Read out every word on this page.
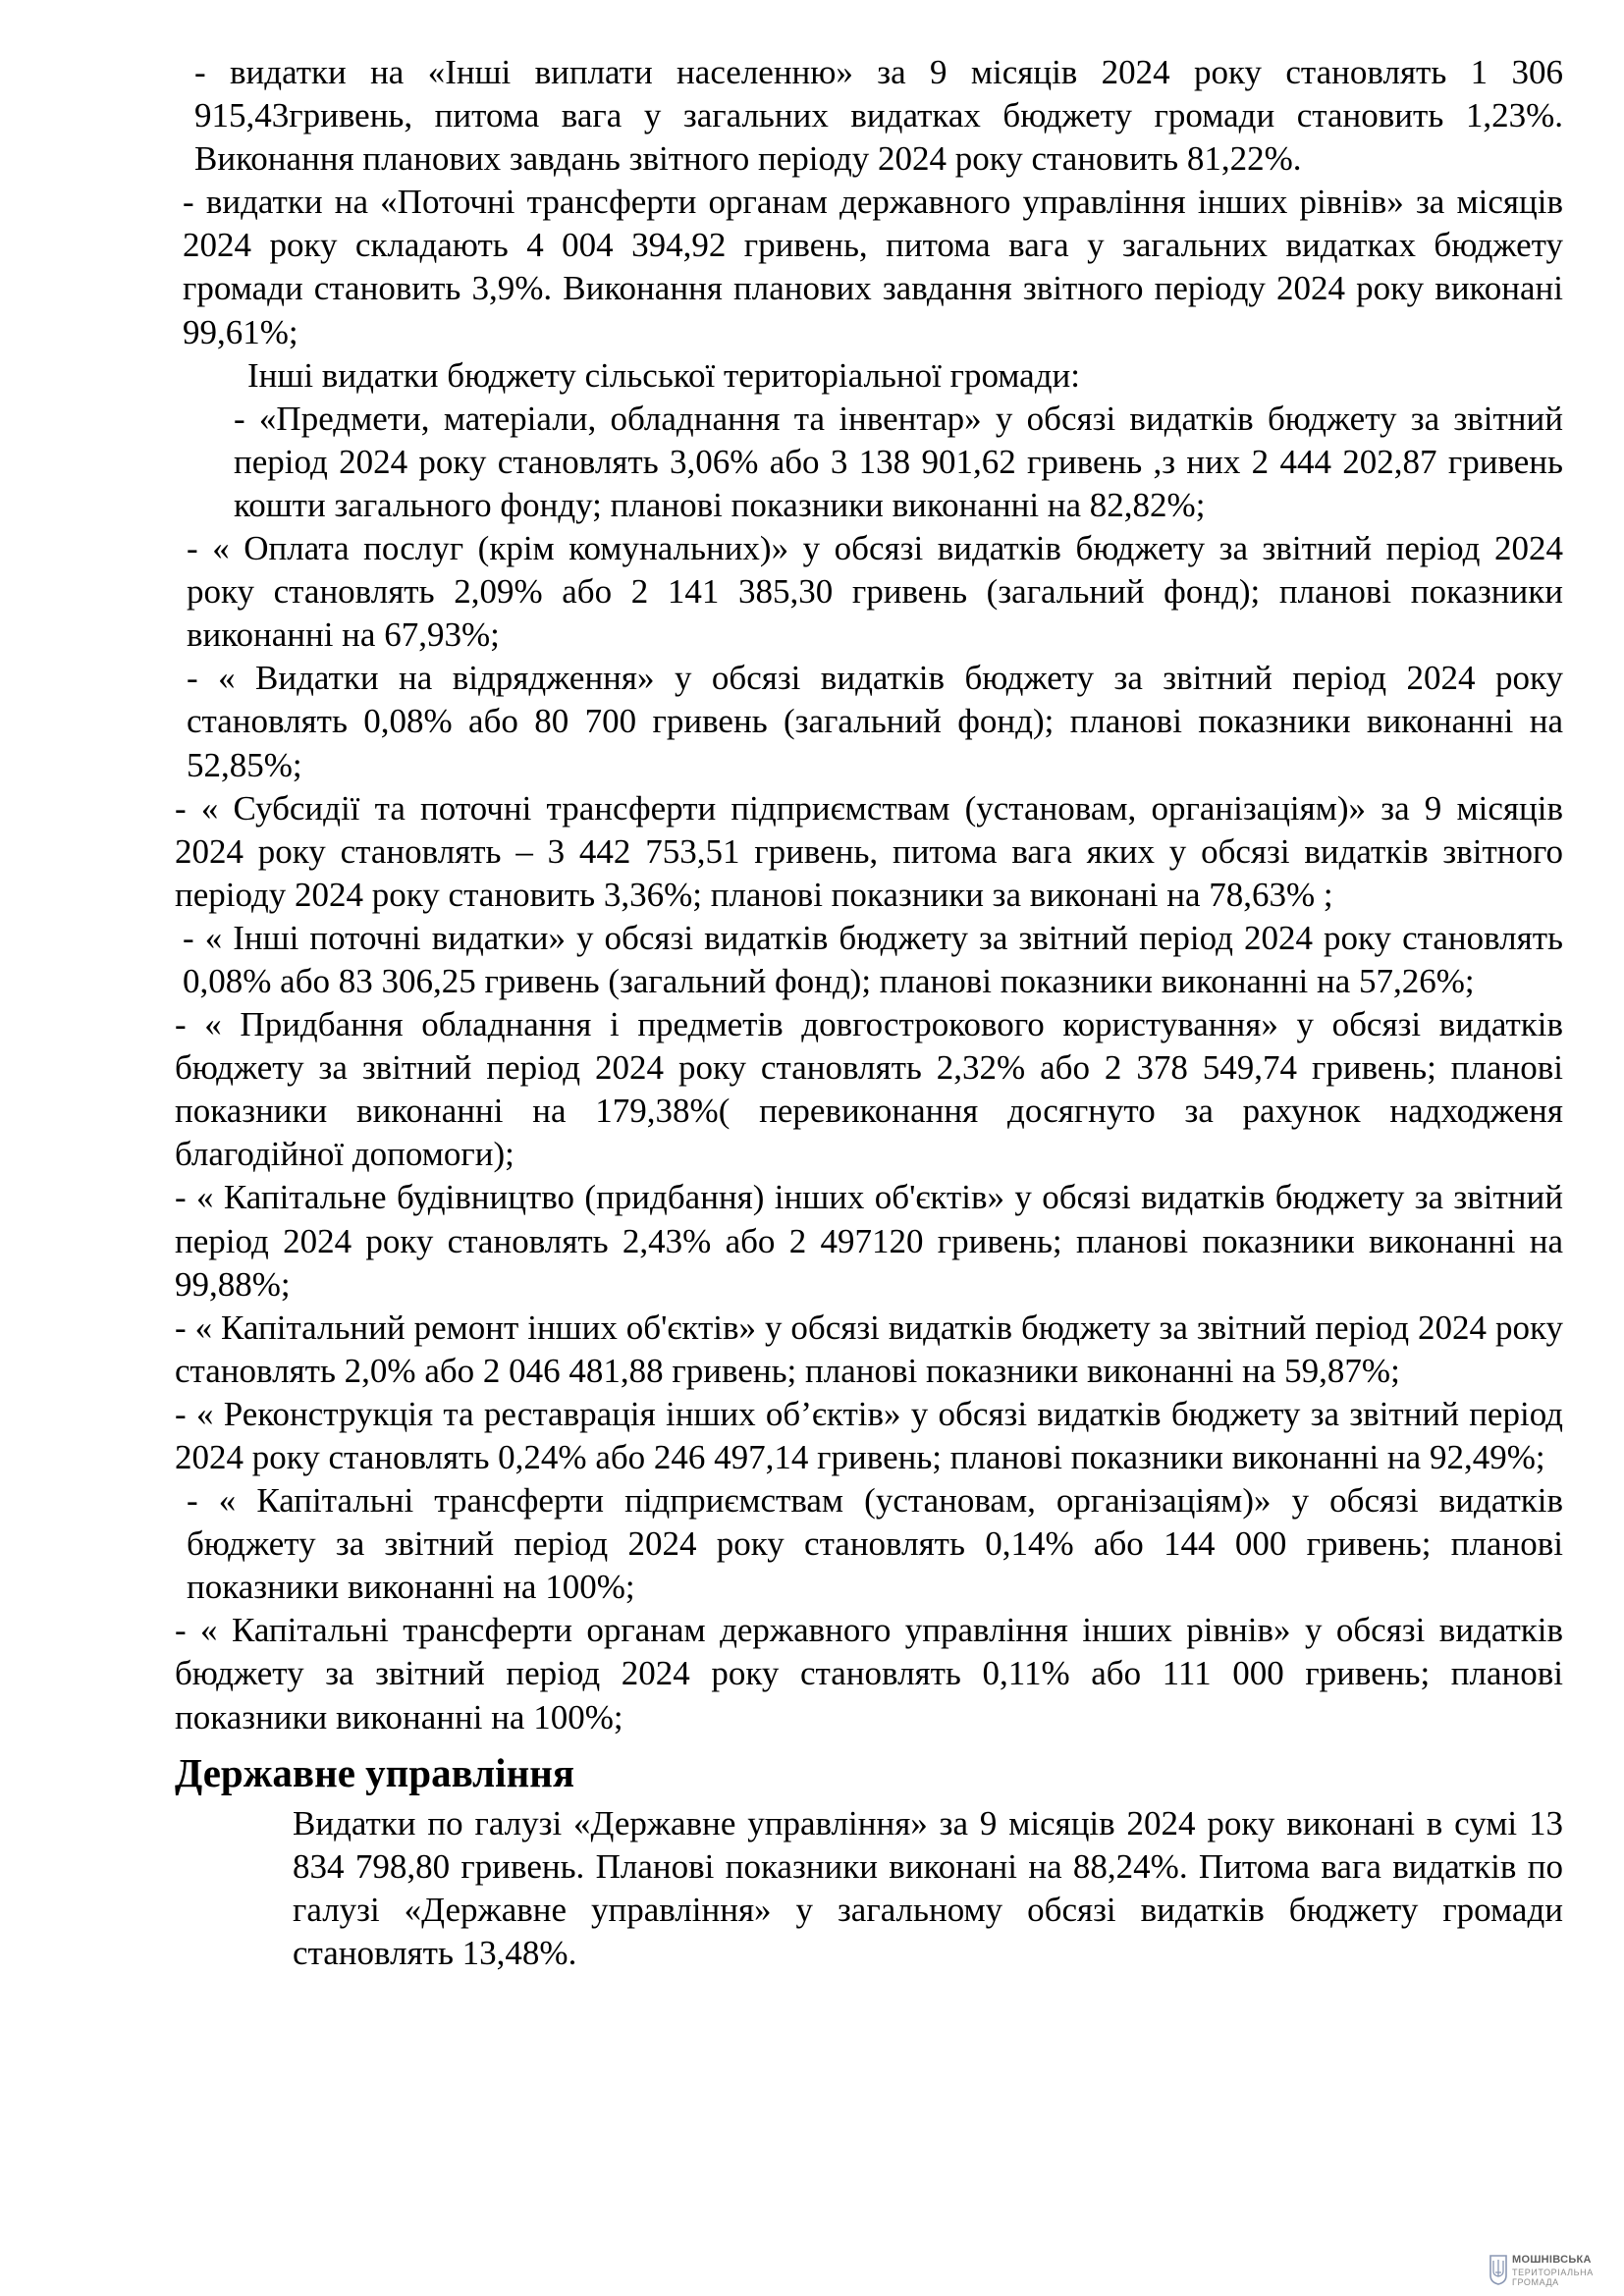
- видатки на «Інші виплати населенню» за 9 місяців 2024 року становлять 1 306 915,43гривень, питома вага у загальних видатках бюджету громади становить 1,23%. Виконання планових завдань звітного періоду 2024 року становить 81,22%.

- видатки на «Поточні трансферти органам державного управління інших рівнів» за місяців 2024 року складають 4 004 394,92 гривень, питома вага у загальних видатках бюджету громади становить 3,9%. Виконання планових завдання звітного періоду 2024 року виконані 99,61%;

Інші видатки бюджету сільської територіальної громади:

- «Предмети, матеріали, обладнання та інвентар» у обсязі видатків бюджету за звітний період 2024 року становлять 3,06% або 3 138 901,62 гривень ,з них 2 444 202,87 гривень кошти загального фонду; планові показники виконанні на 82,82%;

- « Оплата послуг (крім комунальних)» у обсязі видатків бюджету за звітний період 2024 року становлять 2,09% або 2 141 385,30 гривень (загальний фонд); планові показники виконанні на 67,93%;

- « Видатки на відрядження» у обсязі видатків бюджету за звітний період 2024 року становлять 0,08% або 80 700 гривень (загальний фонд); планові показники виконанні на 52,85%;

- « Субсидії та поточні трансферти підприємствам (установам, організаціям)» за 9 місяців 2024 року становлять – 3 442 753,51 гривень, питома вага яких у обсязі видатків звітного періоду 2024 року становить 3,36%; планові показники за виконані на 78,63% ;

- « Інші поточні видатки» у обсязі видатків бюджету за звітний період 2024 року становлять 0,08% або 83 306,25 гривень (загальний фонд); планові показники виконанні на 57,26%;

- « Придбання обладнання і предметів довгострокового користування» у обсязі видатків бюджету за звітний період 2024 року становлять 2,32% або 2 378 549,74 гривень; планові показники виконанні на 179,38%( перевиконання досягнуто за рахунок надходженя благодійної допомоги);

- « Капітальне будівництво (придбання) інших об'єктів» у обсязі видатків бюджету за звітний період 2024 року становлять 2,43% або 2 497120 гривень; планові показники виконанні на 99,88%;

- « Капітальний ремонт інших об'єктів» у обсязі видатків бюджету за звітний період 2024 року становлять 2,0% або 2 046 481,88 гривень; планові показники виконанні на 59,87%;

- « Реконструкція та реставрація інших об’єктів» у обсязі видатків бюджету за звітний період 2024 року становлять 0,24% або 246 497,14 гривень; планові показники виконанні на 92,49%;

- « Капітальні трансферти підприємствам (установам, організаціям)» у обсязі видатків бюджету за звітний період 2024 року становлять 0,14% або 144 000 гривень; планові показники виконанні на 100%;

- « Капітальні трансферти органам державного управління інших рівнів» у обсязі видатків бюджету за звітний період 2024 року становлять 0,11% або 111 000 гривень; планові показники виконанні на 100%;

Державне управління

Видатки по галузі «Державне управління» за 9 місяців 2024 року виконані в сумі 13 834 798,80 гривень. Планові показники виконані на 88,24%. Питома вага видатків по галузі «Державне управління» у загальному обсязі видатків бюджету громади становлять 13,48%.

МОШНІВСЬКА
ТЕРИТОРІАЛЬНА
ГРОМАДА
